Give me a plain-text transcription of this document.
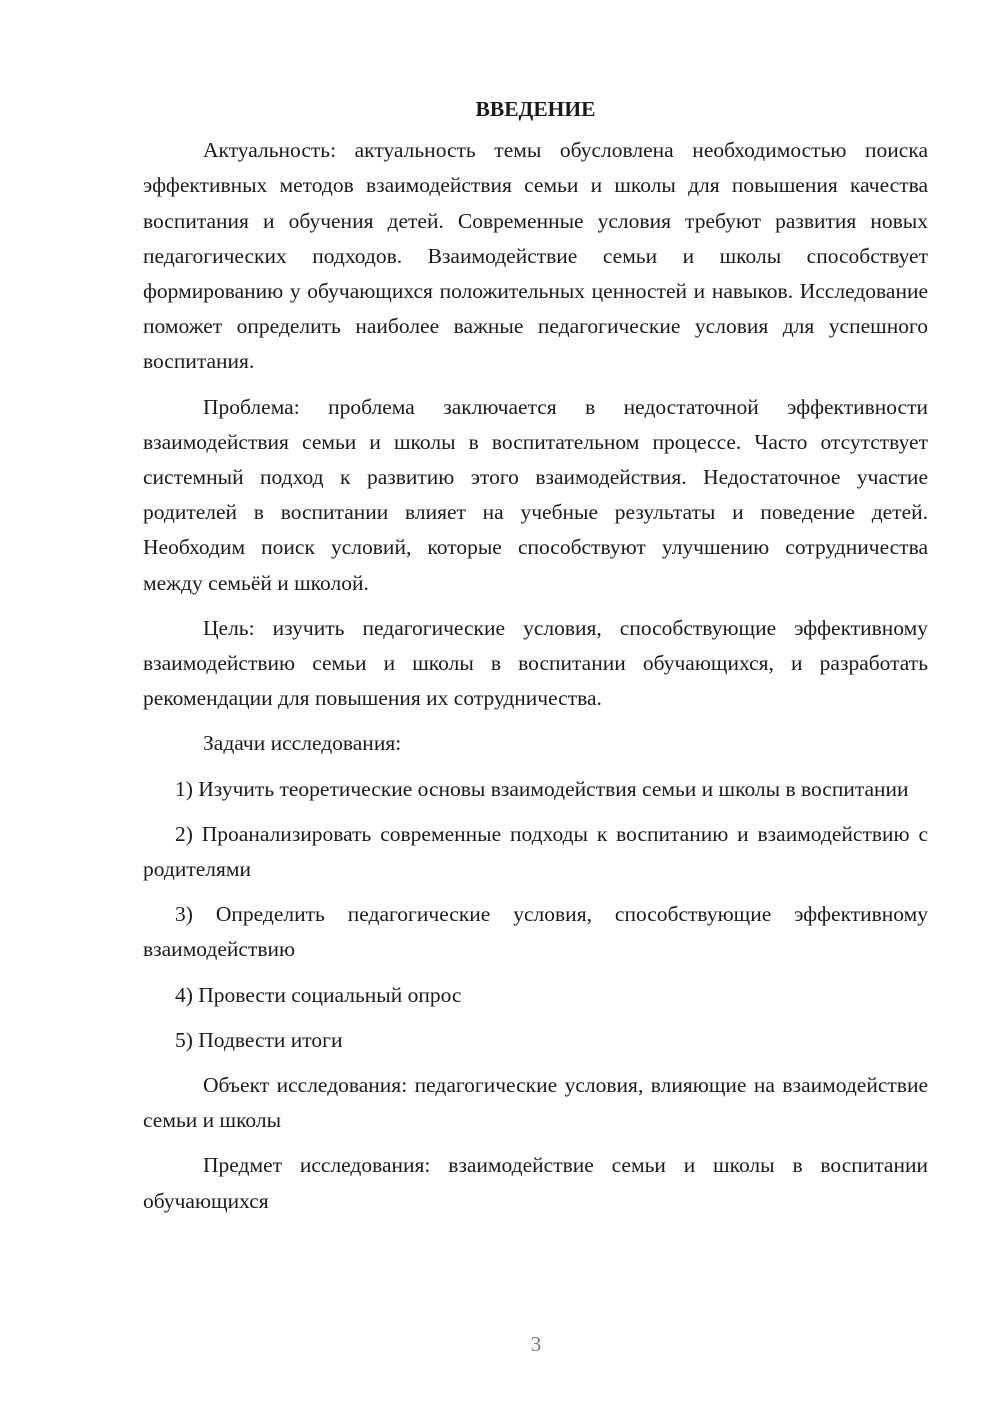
ВВЕДЕНИЕ

Актуальность: актуальность темы обусловлена необходимостью поиска эффективных методов взаимодействия семьи и школы для повышения качества воспитания и обучения детей. Современные условия требуют развития новых педагогических подходов. Взаимодействие семьи и школы способствует формированию у обучающихся положительных ценностей и навыков. Исследование поможет определить наиболее важные педагогические условия для успешного воспитания.

Проблема: проблема заключается в недостаточной эффективности взаимодействия семьи и школы в воспитательном процессе. Часто отсутствует системный подход к развитию этого взаимодействия. Недостаточное участие родителей в воспитании влияет на учебные результаты и поведение детей. Необходим поиск условий, которые способствуют улучшению сотрудничества между семьёй и школой.

Цель: изучить педагогические условия, способствующие эффективному взаимодействию семьи и школы в воспитании обучающихся, и разработать рекомендации для повышения их сотрудничества.

Задачи исследования:

1) Изучить теоретические основы взаимодействия семьи и школы в воспитании

2) Проанализировать современные подходы к воспитанию и взаимодействию с родителями

3) Определить педагогические условия, способствующие эффективному взаимодействию

4) Провести социальный опрос

5) Подвести итоги

Объект исследования: педагогические условия, влияющие на взаимодействие семьи и школы

Предмет исследования: взаимодействие семьи и школы в воспитании обучающихся

3
